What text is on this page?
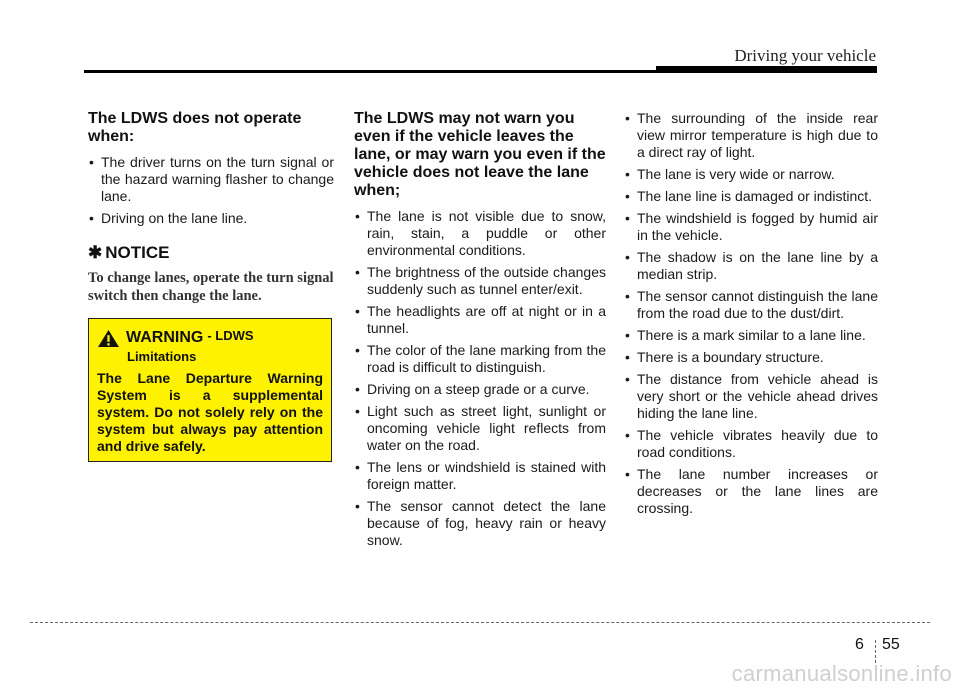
Driving your vehicle
The LDWS does not operate when:
• The driver turns on the turn signal or the hazard warning flasher to change lane.
• Driving on the lane line.
✱ NOTICE

To change lanes, operate the turn signal switch then change the lane.

WARNING - LDWS
Limitations

The Lane Departure Warning System is a supplemental system. Do not solely rely on the system but always pay attention and drive safely.

The LDWS may not warn you even if the vehicle leaves the lane, or may warn you even if the vehicle does not leave the lane when;
• The lane is not visible due to snow, rain, stain, a puddle or other environmental conditions.
• The brightness of the outside changes suddenly such as tunnel enter/exit.
• The headlights are off at night or in a tunnel.
• The color of the lane marking from the road is difficult to distinguish.
• Driving on a steep grade or a curve.
• Light such as street light, sunlight or oncoming vehicle light reflects from water on the road.
• The lens or windshield is stained with foreign matter.
• The sensor cannot detect the lane because of fog, heavy rain or heavy snow.
• The surrounding of the inside rear view mirror temperature is high due to a direct ray of light.
• The lane is very wide or narrow.
• The lane line is damaged or indistinct.
• The windshield is fogged by humid air in the vehicle.
• The shadow is on the lane line by a median strip.
• The sensor cannot distinguish the lane from the road due to the dust/dirt.
• There is a mark similar to a lane line.
• There is a boundary structure.
• The distance from vehicle ahead is very short or the vehicle ahead drives hiding the lane line.
• The vehicle vibrates heavily due to road conditions.
• The lane number increases or decreases or the lane lines are crossing.
6 55
carmanualsonline.info
